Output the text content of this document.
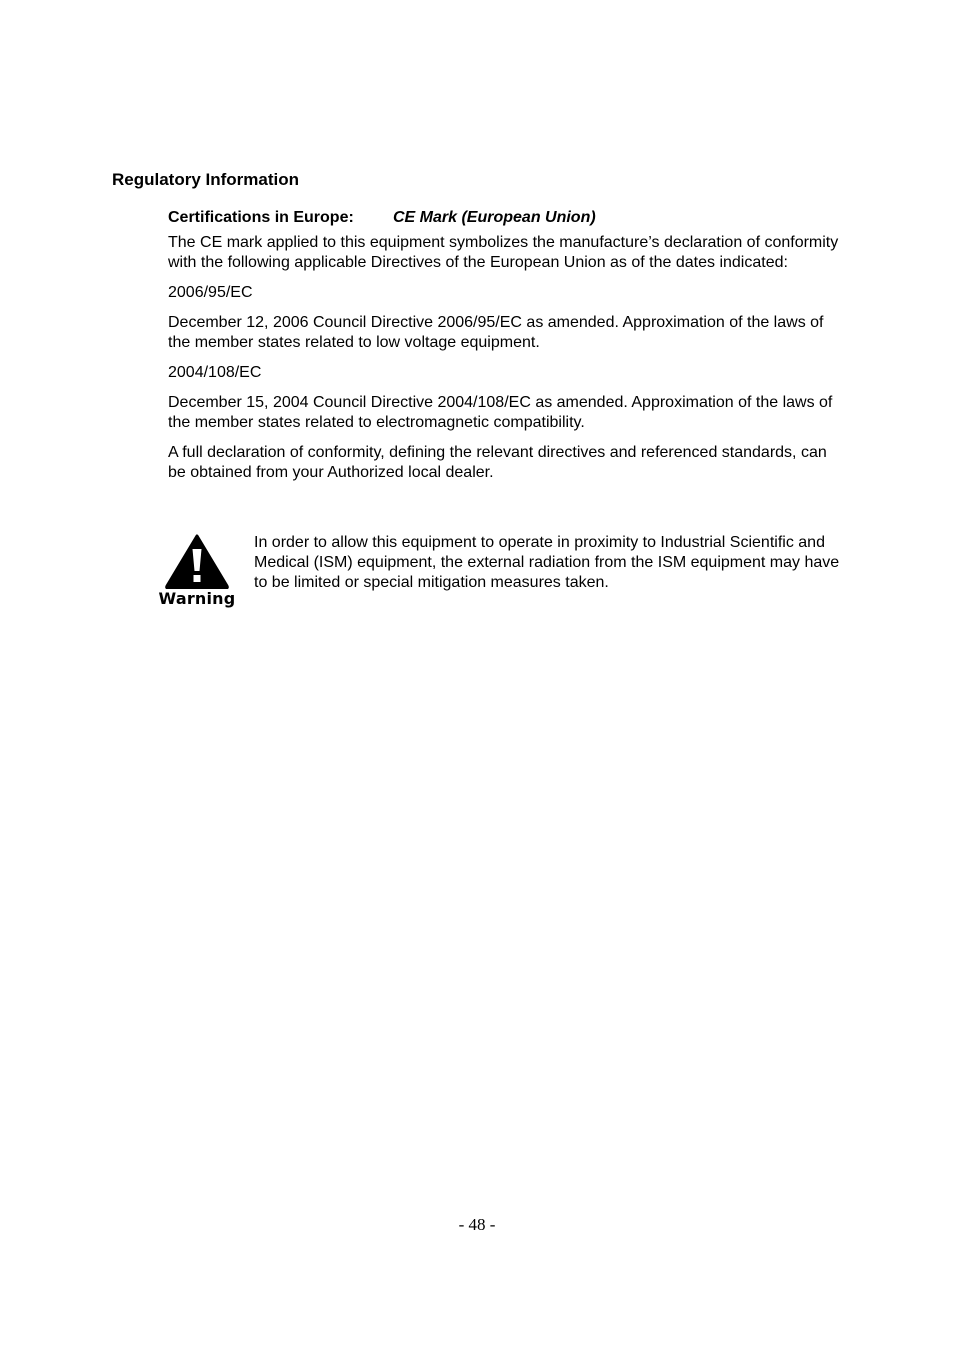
Regulatory Information
Certifications in Europe: CE Mark (European Union)

The CE mark applied to this equipment symbolizes the manufacture’s declaration of conformity with the following applicable Directives of the European Union as of the dates indicated:

2006/95/EC

December 12, 2006 Council Directive 2006/95/EC as amended. Approximation of the laws of the member states related to low voltage equipment.

2004/108/EC

December 15, 2004 Council Directive 2004/108/EC as amended. Approximation of the laws of the member states related to electromagnetic compatibility.

A full declaration of conformity, defining the relevant directives and referenced standards, can be obtained from your Authorized local dealer.

Warning

In order to allow this equipment to operate in proximity to Industrial Scientific and Medical (ISM) equipment, the external radiation from the ISM equipment may have to be limited or special mitigation measures taken.

- 48 -
